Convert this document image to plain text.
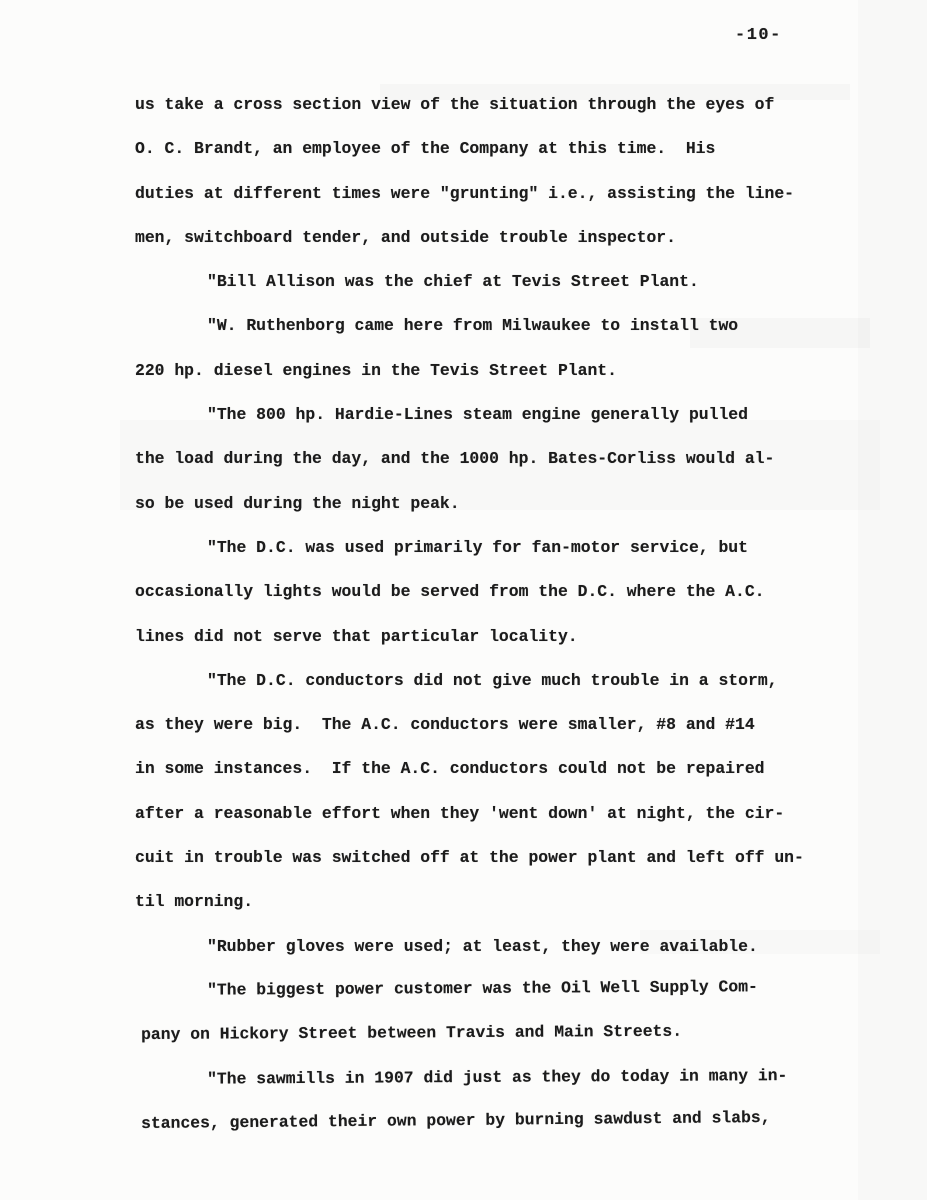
-10-
us take a cross section view of the situation through the eyes of
O. C. Brandt, an employee of the Company at this time.  His
duties at different times were "grunting" i.e., assisting the line-
men, switchboard tender, and outside trouble inspector.
"Bill Allison was the chief at Tevis Street Plant.
"W. Ruthenborg came here from Milwaukee to install two
220 hp. diesel engines in the Tevis Street Plant.
"The 800 hp. Hardie-Lines steam engine generally pulled
the load during the day, and the 1000 hp. Bates-Corliss would al-
so be used during the night peak.
"The D.C. was used primarily for fan-motor service, but
occasionally lights would be served from the D.C. where the A.C.
lines did not serve that particular locality.
"The D.C. conductors did not give much trouble in a storm,
as they were big.  The A.C. conductors were smaller, #8 and #14
in some instances.  If the A.C. conductors could not be repaired
after a reasonable effort when they 'went down' at night, the cir-
cuit in trouble was switched off at the power plant and left off un-
til morning.
"Rubber gloves were used; at least, they were available.
"The biggest power customer was the Oil Well Supply Com-
pany on Hickory Street between Travis and Main Streets.
"The sawmills in 1907 did just as they do today in many in-
stances, generated their own power by burning sawdust and slabs,
